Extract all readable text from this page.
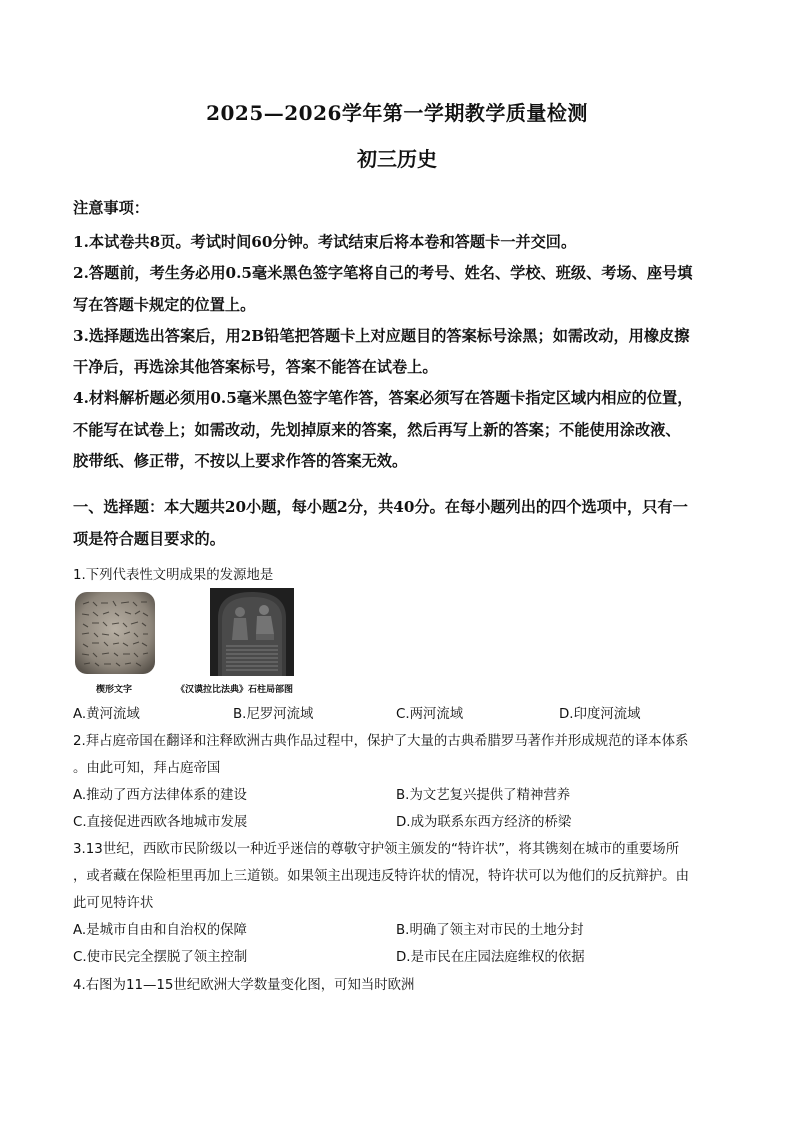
2025—2026学年第一学期教学质量检测
初三历史
注意事项：
1.本试卷共8页。考试时间60分钟。考试结束后将本卷和答题卡一并交回。
2.答题前，考生务必用0.5毫米黑色签字笔将自己的考号、姓名、学校、班级、考场、座号填
写在答题卡规定的位置上。
3.选择题选出答案后，用2B铅笔把答题卡上对应题目的答案标号涂黑；如需改动，用橡皮擦
干净后，再选涂其他答案标号，答案不能答在试卷上。
4.材料解析题必须用0.5毫米黑色签字笔作答，答案必须写在答题卡指定区域内相应的位置，
不能写在试卷上；如需改动，先划掉原来的答案，然后再写上新的答案；不能使用涂改液、
胶带纸、修正带，不按以上要求作答的答案无效。
一、选择题：本大题共20小题，每小题2分，共40分。在每小题列出的四个选项中，只有一
项是符合题目要求的。
1.下列代表性文明成果的发源地是
楔形文字	《汉谟拉比法典》石柱局部图
A.黄河流域	B.尼罗河流域	C.两河流域	D.印度河流域
2.拜占庭帝国在翻译和注释欧洲古典作品过程中，保护了大量的古典希腊罗马著作并形成规范的译本体系
。由此可知，拜占庭帝国
A.推动了西方法律体系的建设	B.为文艺复兴提供了精神营养
C.直接促进西欧各地城市发展	D.成为联系东西方经济的桥梁
3.13世纪，西欧市民阶级以一种近乎迷信的尊敬守护领主颁发的“特许状”，将其镌刻在城市的重要场所
，或者藏在保险柜里再加上三道锁。如果领主出现违反特许状的情况，特许状可以为他们的反抗辩护。由
此可见特许状
A.是城市自由和自治权的保障	B.明确了领主对市民的土地分封
C.使市民完全摆脱了领主控制	D.是市民在庄园法庭维权的依据
4.右图为11—15世纪欧洲大学数量变化图，可知当时欧洲
